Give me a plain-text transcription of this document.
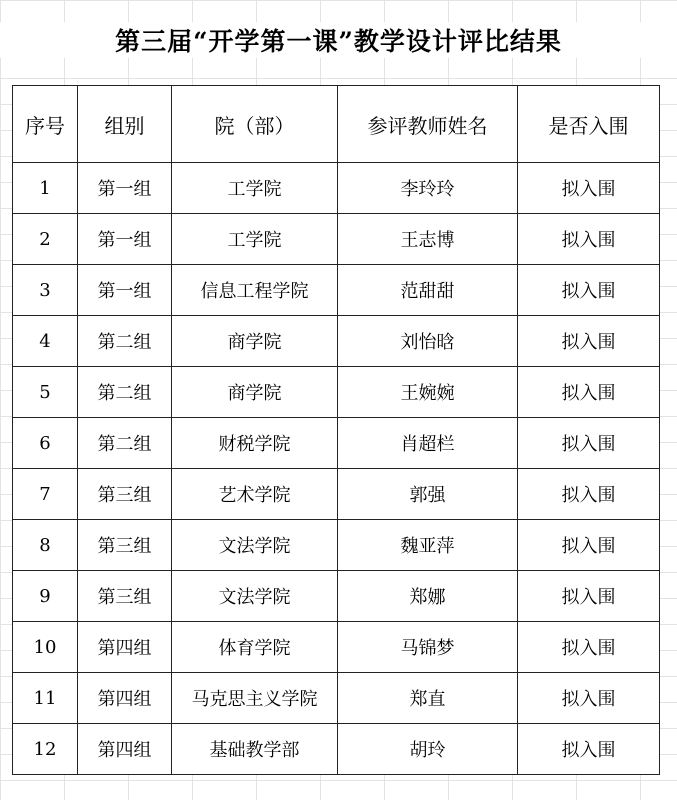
第三届“开学第一课”教学设计评比结果
序号	组别	院（部）	参评教师姓名	是否入围
1	第一组	工学院	李玲玲	拟入围
2	第一组	工学院	王志博	拟入围
3	第一组	信息工程学院	范甜甜	拟入围
4	第二组	商学院	刘怡晗	拟入围
5	第二组	商学院	王婉婉	拟入围
6	第二组	财税学院	肖超栏	拟入围
7	第三组	艺术学院	郭强	拟入围
8	第三组	文法学院	魏亚萍	拟入围
9	第三组	文法学院	郑娜	拟入围
10	第四组	体育学院	马锦梦	拟入围
11	第四组	马克思主义学院	郑直	拟入围
12	第四组	基础教学部	胡玲	拟入围
